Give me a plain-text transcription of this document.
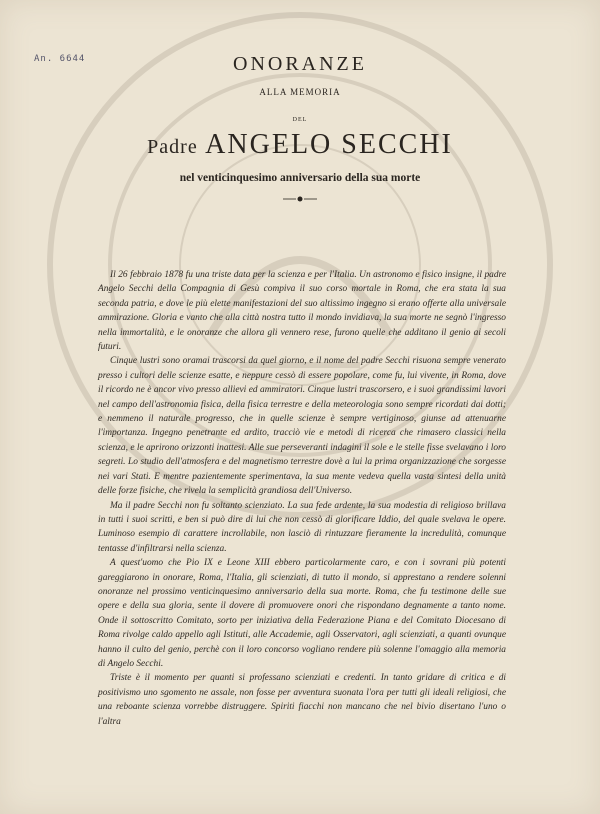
An. 6644	ONORANZE
ALLA MEMORIA
DEL
Padre ANGELO SECCHI
nel venticinquesimo anniversario della sua morte

Il 26 febbraio 1878 fu una triste data per la scienza e per l'Italia. Un astronomo e fisico insigne, il padre Angelo Secchi della Compagnia di Gesù compiva il suo corso mortale in Roma, che era stata la sua seconda patria, e dove le più elette manifestazioni del suo altissimo ingegno si erano offerte alla universale ammirazione. Gloria e vanto che alla città nostra tutto il mondo invidiava, la sua morte ne segnò l'ingresso nella immortalità, e le onoranze che allora gli vennero rese, furono quelle che additano il genio ai secoli futuri.

Cinque lustri sono oramai trascorsi da quel giorno, e il nome del padre Secchi risuona sempre venerato presso i cultori delle scienze esatte, e neppure cessò di essere popolare, come fu, lui vivente, in Roma, dove il ricordo ne è ancor vivo presso allievi ed ammiratori. Cinque lustri trascorsero, e i suoi grandissimi lavori nel campo dell'astronomia fisica, della fisica terrestre e della meteorologia sono sempre ricordati dai dotti; e nemmeno il naturale progresso, che in quelle scienze è sempre vertiginoso, giunse ad attenuarne l'importanza. Ingegno penetrante ed ardito, tracciò vie e metodi di ricerca che rimasero classici nella scienza, e le aprirono orizzonti inattesi. Alle sue perseveranti indagini il sole e le stelle fisse svelavano i loro segreti. Lo studio dell'atmosfera e del magnetismo terrestre dovè a lui la prima organizzazione che sorgesse nei vari Stati. E mentre pazientemente sperimentava, la sua mente vedeva quella vasta sintesi della unità delle forze fisiche, che rivela la semplicità grandiosa dell'Universo.

Ma il padre Secchi non fu soltanto scienziato. La sua fede ardente, la sua modestia di religioso brillava in tutti i suoi scritti, e ben si può dire di lui che non cessò di glorificare Iddio, del quale svelava le opere. Luminoso esempio di carattere incrollabile, non lasciò di rintuzzare fieramente la incredulità, comunque tentasse d'infiltrarsi nella scienza.

A quest'uomo che Pio IX e Leone XIII ebbero particolarmente caro, e con i sovrani più potenti gareggiarono in onorare, Roma, l'Italia, gli scienziati, di tutto il mondo, si apprestano a rendere solenni onoranze nel prossimo venticinquesimo anniversario della sua morte. Roma, che fu testimone delle sue opere e della sua gloria, sente il dovere di promuovere onori che rispondano degnamente a tanto nome. Onde il sottoscritto Comitato, sorto per iniziativa della Federazione Piana e del Comitato Diocesano di Roma rivolge caldo appello agli Istituti, alle Accademie, agli Osservatori, agli scienziati, a quanti ovunque hanno il culto del genio, perchè con il loro concorso vogliano rendere più solenne l'omaggio alla memoria di Angelo Secchi.

Triste è il momento per quanti si professano scienziati e credenti. In tanto gridare di critica e di positivismo uno sgomento ne assale, non fosse per avventura suonata l'ora per tutti gli ideali religiosi, che una reboante scienza vorrebbe distruggere. Spiriti fiacchi non mancano che nel bivio disertano l'uno o l'altra
